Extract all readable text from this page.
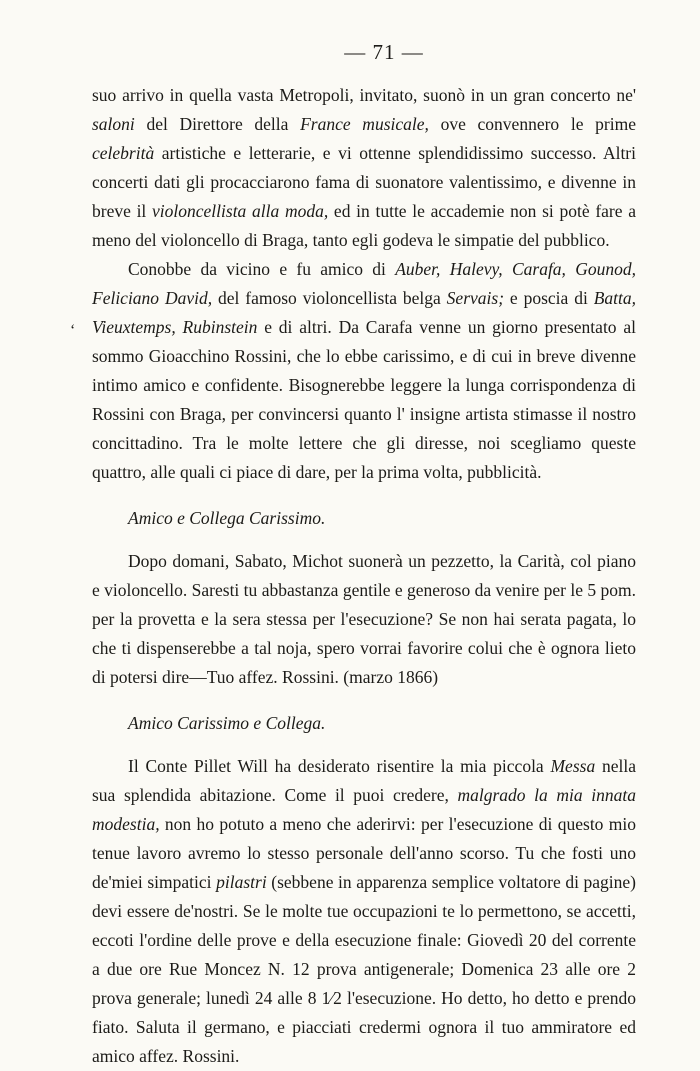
— 71 —
ʻ

suo arrivo in quella vasta Metropoli, invitato, suonò in un gran concerto ne' saloni del Direttore della France musicale, ove convennero le prime celebrità artistiche e letterarie, e vi ottenne splendidissimo successo. Altri concerti dati gli procacciarono fama di suonatore valentissimo, e divenne in breve il violoncellista alla moda, ed in tutte le accademie non si potè fare a meno del violoncello di Braga, tanto egli godeva le simpatie del pubblico.

Conobbe da vicino e fu amico di Auber, Halevy, Carafa, Gounod, Feliciano David, del famoso violoncellista belga Servais; e poscia di Batta, Vieuxtemps, Rubinstein e di altri. Da Carafa venne un giorno presentato al sommo Gioacchino Rossini, che lo ebbe carissimo, e di cui in breve divenne intimo amico e confidente. Bisognerebbe leggere la lunga corrispondenza di Rossini con Braga, per convincersi quanto l' insigne artista stimasse il nostro concittadino. Tra le molte lettere che gli diresse, noi scegliamo queste quattro, alle quali ci piace di dare, per la prima volta, pubblicità.

Amico e Collega Carissimo.

Dopo domani, Sabato, Michot suonerà un pezzetto, la Carità, col piano e violoncello. Saresti tu abbastanza gentile e generoso da venire per le 5 pom. per la provetta e la sera stessa per l'esecuzione? Se non hai serata pagata, lo che ti dispenserebbe a tal noja, spero vorrai favorire colui che è ognora lieto di potersi dire—Tuo affez. Rossini. (marzo 1866)

Amico Carissimo e Collega.

Il Conte Pillet Will ha desiderato risentire la mia piccola Messa nella sua splendida abitazione. Come il puoi credere, malgrado la mia innata modestia, non ho potuto a meno che aderirvi: per l'esecuzione di questo mio tenue lavoro avremo lo stesso personale dell'anno scorso. Tu che fosti uno de'miei simpatici pilastri (sebbene in apparenza semplice voltatore di pagine) devi essere de'nostri. Se le molte tue occupazioni te lo permettono, se accetti, eccoti l'ordine delle prove e della esecuzione finale: Giovedì 20 del corrente a due ore Rue Moncez N. 12 prova antigenerale; Domenica 23 alle ore 2 prova generale; lunedì 24 alle 8 1⁄2 l'esecuzione. Ho detto, ho detto e prendo fiato. Saluta il germano, e piacciati credermi ognora il tuo ammiratore ed amico affez. Rossini.
